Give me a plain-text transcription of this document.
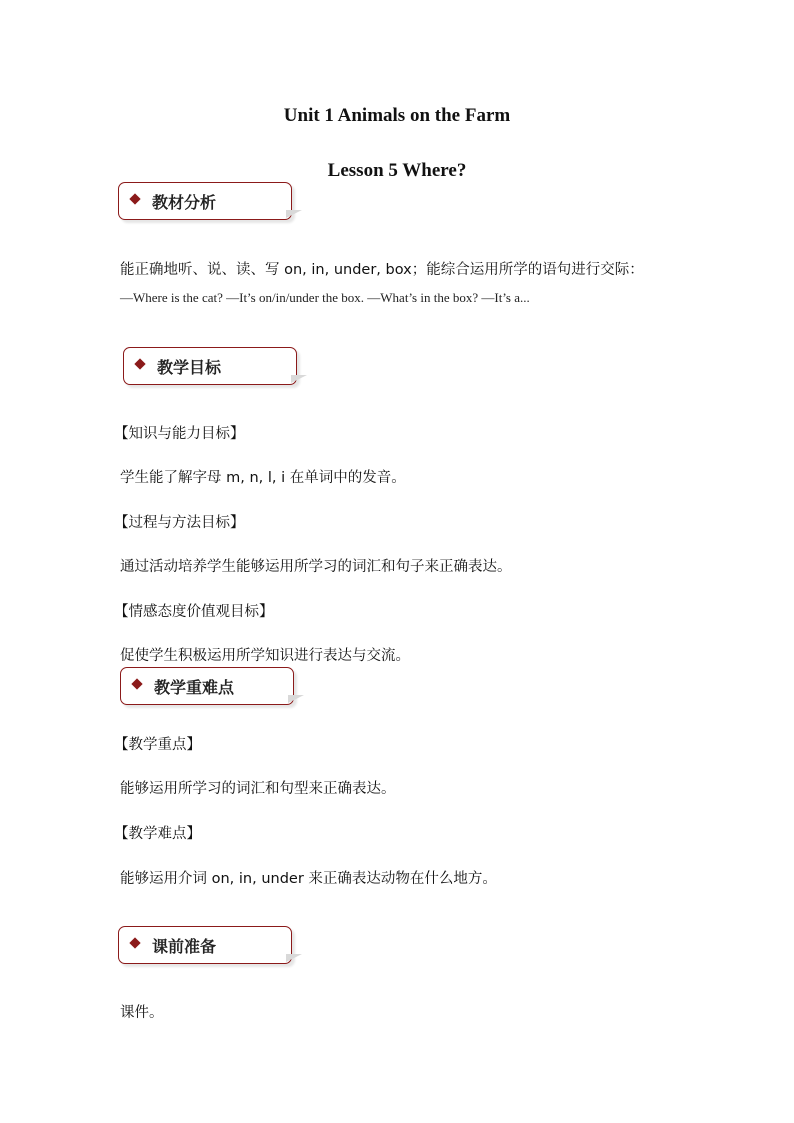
Unit 1 Animals on the Farm
Lesson 5 Where?
教材分析
能正确地听、说、读、写 on, in, under, box；能综合运用所学的语句进行交际：
—Where is the cat? —It’s on/in/under the box. —What’s in the box? —It’s a...
教学目标
【知识与能力目标】
学生能了解字母 m, n, l, i 在单词中的发音。
【过程与方法目标】
通过活动培养学生能够运用所学习的词汇和句子来正确表达。
【情感态度价值观目标】
促使学生积极运用所学知识进行表达与交流。
教学重难点
【教学重点】
能够运用所学习的词汇和句型来正确表达。
【教学难点】
能够运用介词 on, in, under 来正确表达动物在什么地方。
课前准备
课件。
